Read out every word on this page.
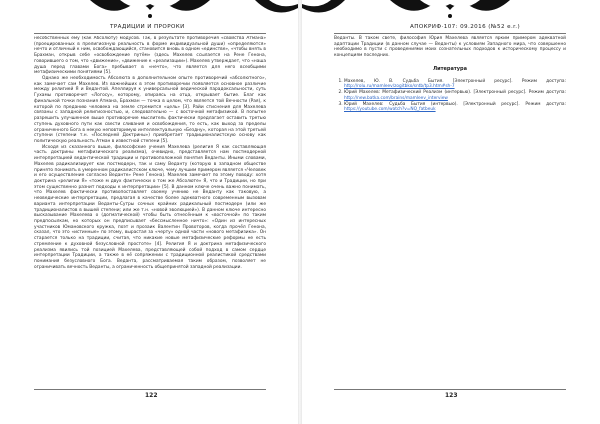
ТРАДИЦИИ И ПРОРОКИ

несобственных ему (как Абсолюту) модусов. Так, в результате противоречия «свойства Атмана» (проецированных в прелигиозную реальность в форме индивидуальной души) «определяются» нечто и отличный к ним, освобождающийся, становится вновь в одном «единстве», «чтобы внять в Брахман, открыв себе «освобождение путём» (здесь Махелев ссылается на Рене Генона, говорившего о том, что «движение», «движение к «реализации»). Махелев утверждает, что «наша душа перед главами Бога» пребывает в «нечто», что является для него всеобщими метафизическими понятиями [5].

Однако же необходимость Абсолюта в дополнительном опыте противоречий «абсолютного», как замечает сам Махелев. Из важнейших в этом противоречии появляется основное различие между религией Я и Ведантой. Апеллируя к универсальной ведической парадоксальности, суть Гухамы противоречит «Логосу», которому, опираясь на отца, открывает бытие. Благ как финальной точки познания Атмана, Брахман — точка в целом, что является той Вечности (Рая), к которой по преданию человека на земле стремится «цель» [3]. Райи стиснения для Махелева связаны с западной религиозностью, и, следовательно — с восточной метафизикой. В попытке разрешить улучшенное выше противоречие мыслитель фактически предлагает оставить третью ступень духовного пути как свести сливания и освобождения, то есть, как выход за пределы ограниченного Бога в некую неповторимую интеллектуальную «Бездну», которая на этой третьей ступени (степени т.н. «Последней Доктрины») приобретает традиционалистскую основу как политическую реальность Атман в известной степени [5].

Исходя из сказанного выше, философские учения Махелева (религия Я как составляющая часть доктрины метафизического реализма), очевидно, представляется нам постмодерной интерпретацией ведантической традиции и противоположной понятия Веданты. Иными словами, Махелев радикализирует как постмодерн, так и саму Веданту (которую в западном обществе принято понимать в умеренном радикалистском ключе, чему лучшим примером является «Человек и его осуществление согласно Веданте» Рене Генона). Махелев замечает по этому поводу: хотя доктрина «религии Я» «тоже м двух фактически о том же Абсолюте» Я, что и Традиции, но при этом существенно разнит подходы к интерпретации» [5]. В данном ключе очень важно понимать, что Махелев фактически противопоставляет своему учению не Веданту как таковую, а неоведические интерпретации, предлагая в качестве более адекватного современным вызовам варианта интерпретации Веданты-Сутры сочных крайних радикальный постмодерн (или же традиционалистов в вышей степени; или же т.н. «новой эволюцией»). В данном ключе интересно высказывание Махелева о (догматической) чтобы быть отнесённым к «восточной» по таким предпосылкам, но которых он предписывает «бессмысленное ничто»: «Один из интересных участников Юмановского кружка, поэт и прозаик Валентин Провоторов, когда прочёл Генона, сказал, что это «истинные» по этому, вырастая за «черту» одной части «нового метафизика». Он старается только на традиции, считая, что никакие новые метафизические реформы не есть стремление к духовной безусловной простоте» [4]. Религия Я и доктрина метафизического реализма явились той позицией Махелева, представляющей собой подход в самом сердце интерпретации Традиции, а также в её сопряжении с традиционной реалистикой средствами понимания безусловного Бога. Веданта, рассматриваемая таким образом, позволяет не ограничивать вечность Веданты, а ограниченность общепринятой западной реализации.

122
АПОКРИФ·107: 09.2016 (№52 e.r.)

Веданты. В таком свете, философия Юрия Махелева является ярким примером адекватной адаптации Традиции (в данном случае — Веданты) к условиям Западного мира, что совершенно необходимо в пусти с проведениями моих сознательных подходов к историческому процессу и концепциям последних.

Литература
1. Махелев, Ю. В. Судьба Бытия. [Электронный ресурс]. Режим доступа: http://rolu.ru/mamleev/zogitbko/sntb/tp3.htm#sh-7
2. Юрий Махелев: Метафизический Реализм (интервью). [Электронный ресурс]. Режим доступа: http://new.batka.com/brains/mamleev_interview
3. Юрий Махелев: Судьба Бытия (интервью). [Электронный ресурс]. Режим доступа: https://youtube.com/watch?v=NQ_fatbeuk
123
